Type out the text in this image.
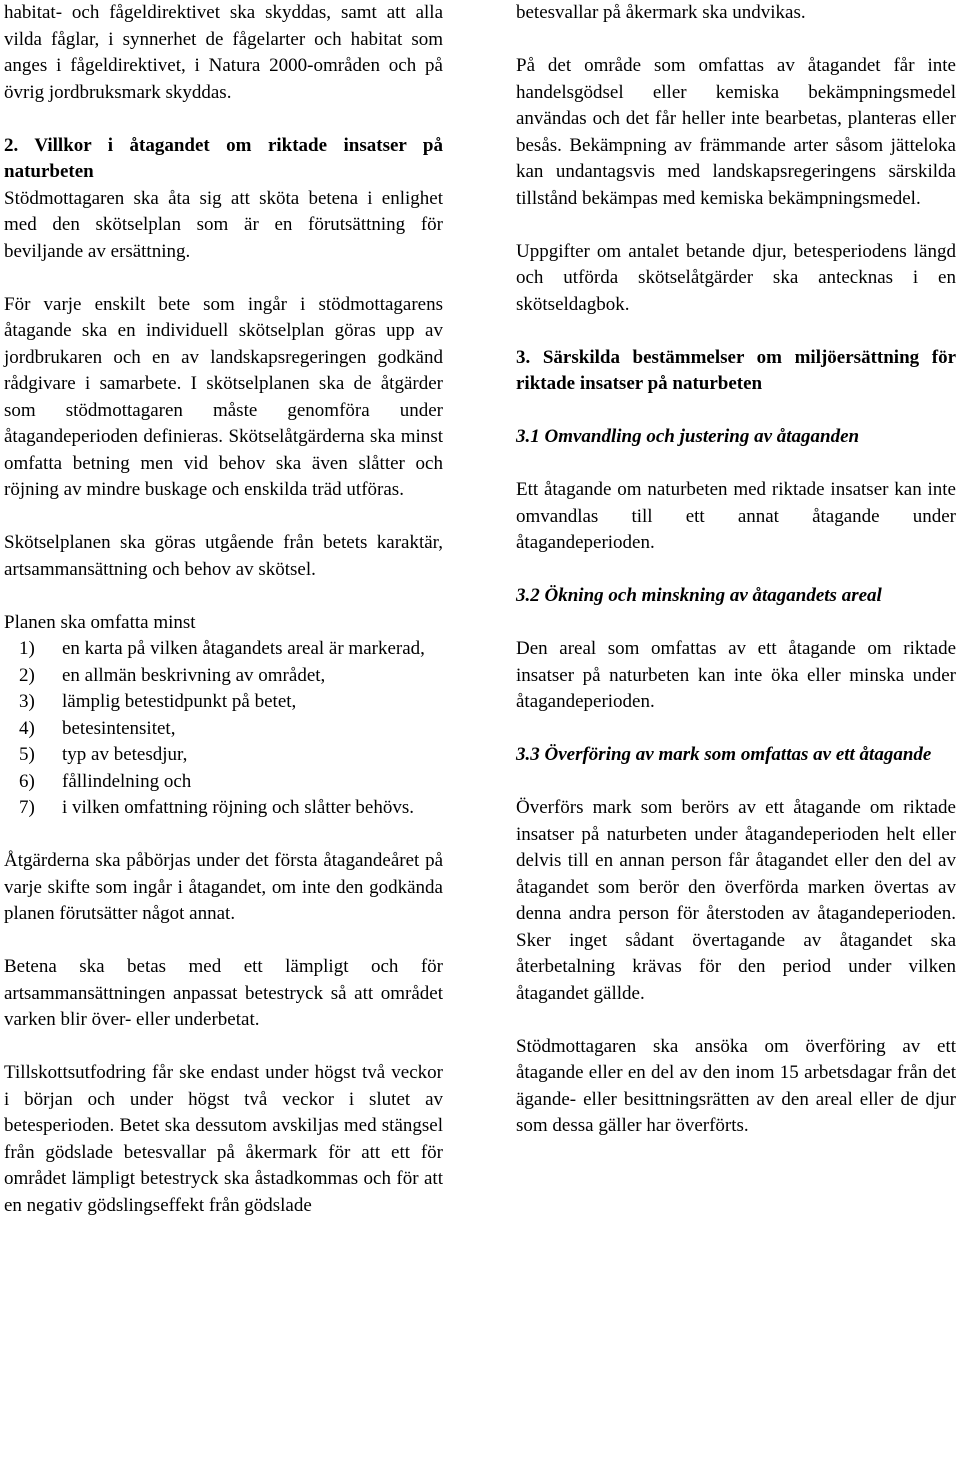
habitat- och fågeldirektivet ska skyddas, samt att alla vilda fåglar, i synnerhet de fågelarter och habitat som anges i fågeldirektivet, i Natura 2000-områden och på övrig jordbruksmark skyddas.

2. Villkor i åtagandet om riktade insatser på naturbeten

Stödmottagaren ska åta sig att sköta betena i enlighet med den skötselplan som är en förutsättning för beviljande av ersättning.

För varje enskilt bete som ingår i stödmottagarens åtagande ska en individuell skötselplan göras upp av jordbrukaren och en av landskapsregeringen godkänd rådgivare i samarbete. I skötselplanen ska de åtgärder som stödmottagaren måste genomföra under åtagandeperioden definieras. Skötselåtgärderna ska minst omfatta betning men vid behov ska även slåtter och röjning av mindre buskage och enskilda träd utföras.

Skötselplanen ska göras utgående från betets karaktär, artsammansättning och behov av skötsel.

Planen ska omfatta minst

1) en karta på vilken åtagandets areal är markerad,
2) en allmän beskrivning av området,
3) lämplig betestidpunkt på betet,
4) betesintensitet,
5) typ av betesdjur,
6) fållindelning och
7) i vilken omfattning röjning och slåtter behövs.

Åtgärderna ska påbörjas under det första åtagandeåret på varje skifte som ingår i åtagandet, om inte den godkända planen förutsätter något annat.

Betena ska betas med ett lämpligt och för artsammansättningen anpassat betestryck så att området varken blir över- eller underbetat.

Tillskottsutfodring får ske endast under högst två veckor i början och under högst två veckor i slutet av betesperioden. Betet ska dessutom avskiljas med stängsel från gödslade betesvallar på åkermark för att ett för området lämpligt betestryck ska åstadkommas och för att en negativ gödslingseffekt från gödslade

betesvallar på åkermark ska undvikas.

På det område som omfattas av åtagandet får inte handelsgödsel eller kemiska bekämpningsmedel användas och det får heller inte bearbetas, planteras eller besås. Bekämpning av främmande arter såsom jätteloka kan undantagsvis med landskapsregeringens särskilda tillstånd bekämpas med kemiska bekämpningsmedel.

Uppgifter om antalet betande djur, betesperiodens längd och utförda skötselåtgärder ska antecknas i en skötseldagbok.

3. Särskilda bestämmelser om miljöersättning för riktade insatser på naturbeten

3.1 Omvandling och justering av åtaganden

Ett åtagande om naturbeten med riktade insatser kan inte omvandlas till ett annat åtagande under åtagandeperioden.

3.2 Ökning och minskning av åtagandets areal

Den areal som omfattas av ett åtagande om riktade insatser på naturbeten kan inte öka eller minska under åtagandeperioden.

3.3 Överföring av mark som omfattas av ett åtagande

Överförs mark som berörs av ett åtagande om riktade insatser på naturbeten under åtagandeperioden helt eller delvis till en annan person får åtagandet eller den del av åtagandet som berör den överförda marken övertas av denna andra person för återstoden av åtagandeperioden. Sker inget sådant övertagande av åtagandet ska återbetalning krävas för den period under vilken åtagandet gällde.

Stödmottagaren ska ansöka om överföring av ett åtagande eller en del av den inom 15 arbetsdagar från det ägande- eller besittningsrätten av den areal eller de djur som dessa gäller har överförts.
